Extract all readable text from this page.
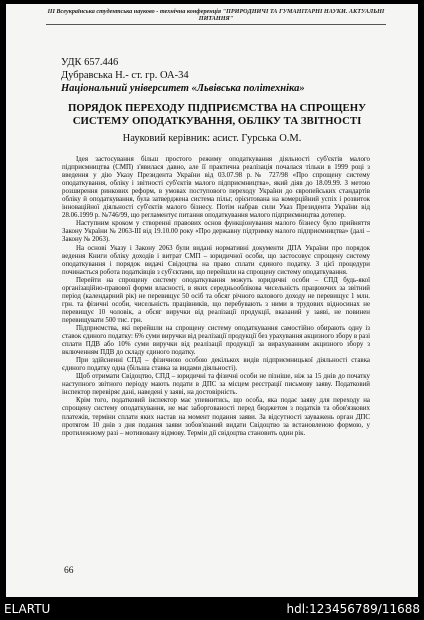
III Всеукраїнська студентська науково - технічна конференція "ПРИРОДНИЧІ ТА ГУМАНІТАРНІ НАУКИ. АКТУАЛЬНІ ПИТАННЯ"
УДК 657.446
Дубравська Н.- ст. гр. ОА-34
Національний університет «Львівська політехніка»
ПОРЯДОК ПЕРЕХОДУ ПІДПРИЄМСТВА НА СПРОЩЕНУ СИСТЕМУ ОПОДАТКУВАННЯ, ОБЛІКУ ТА ЗВІТНОСТІ
Науковий керівник: асист. Гурська О.М.

Ідея застосування більш простого режиму оподаткування діяльності суб'єктів малого підприємництва (СМП) з'явилася давно, але її практична реалізація почалася тільки в 1999 році з введення у дію Указу Президента України від 03.07.98 р.№ 727/98 «Про спрощену систему оподаткування, обліку і звітності суб'єктів малого підприємництва», який діяв до 18.09.99. З метою розширення ринкових реформ, в умовах поступового переходу України до європейських стандартів обліку й оподаткування, була затверджена система пільг, орієнтована на комерційний успіх і розвиток інноваційної діяльності суб'єктів малого бізнесу. Потім набрав сили Указ Президента України від 28.06.1999 р. №746/99, що регламентує питання оподаткування малого підприємництва дотепер.

Наступним кроком у створенні правових основ функціонування малого бізнесу було прийняття Закону України № 2063-ІІІ від 19.10.00 року «Про державну підтримку малого підприємництва» (далі – Закону № 2063).

На основі Указу і Закону 2063 були видані нормативні документи ДПА України про порядок ведення Книги обліку доходів і витрат СМП – юридичної особи, що застосовує спрощену систему оподаткування і порядок видачі Свідоцтва на право сплати єдиного податку. З цієї процедури починається робота податківців з суб'єктами, що перейшли на спрощену систему оподаткування.

Перейти на спрощену систему оподаткування можуть юридичні особи – СПД будь-якої організаційно-правової форми власності, в яких середньооблікова чисельність працюючих за звітний період (календарний рік) не перевищує 50 осіб та обсяг річного валового доходу не перевищує 1 млн. грн. та фізичні особи, чисельність працівників, що перебувають з ними в трудових відносинах не перевищує 10 чоловік, а обсяг виручки від реалізації продукції, вказаний у заяві, не повинен перевищувати 500 тис. грн.

Підприємства, які перейшли на спрощену систему оподаткування самостійно обирають одну із ставок єдиного податку: 6% суми виручки від реалізації продукції без урахування акцизного збору в разі сплати ПДВ або 10% суми виручки від реалізації продукції за вирахуванням акцизного збору з включенням ПДВ до складу єдиного податку.

При здійсненні СПД – фізичною особою декількох видів підприємницької діяльності ставка єдиного податку одна (більша ставка за видами діяльності).

Щоб отримати Свідоцтво, СПД – юридичні та фізичні особи не пізніше, ніж за 15 днів до початку наступного звітного періоду мають подати в ДПС за місцем реєстрації письмову заяву. Податковий інспектор перевіряє дані, наведені у заяві, на достовірність.

Крім того, податковий інспектор має упевнитись, що особа, яка подає заяву для переходу на спрощену систему оподаткування, не має заборгованості перед бюджетом з податків та обов'язкових платежів, терміни сплати яких настав на момент подання заяви. За відсутності зауважень орган ДПС протягом 10 днів з дня подання заяви зобов'язаний видати Свідоцтво за встановленою формою, у протилежному разі – мотивовану відмову. Термін дії свідоцтва становить один рік.

66
ELARTU	hdl:123456789/11688
